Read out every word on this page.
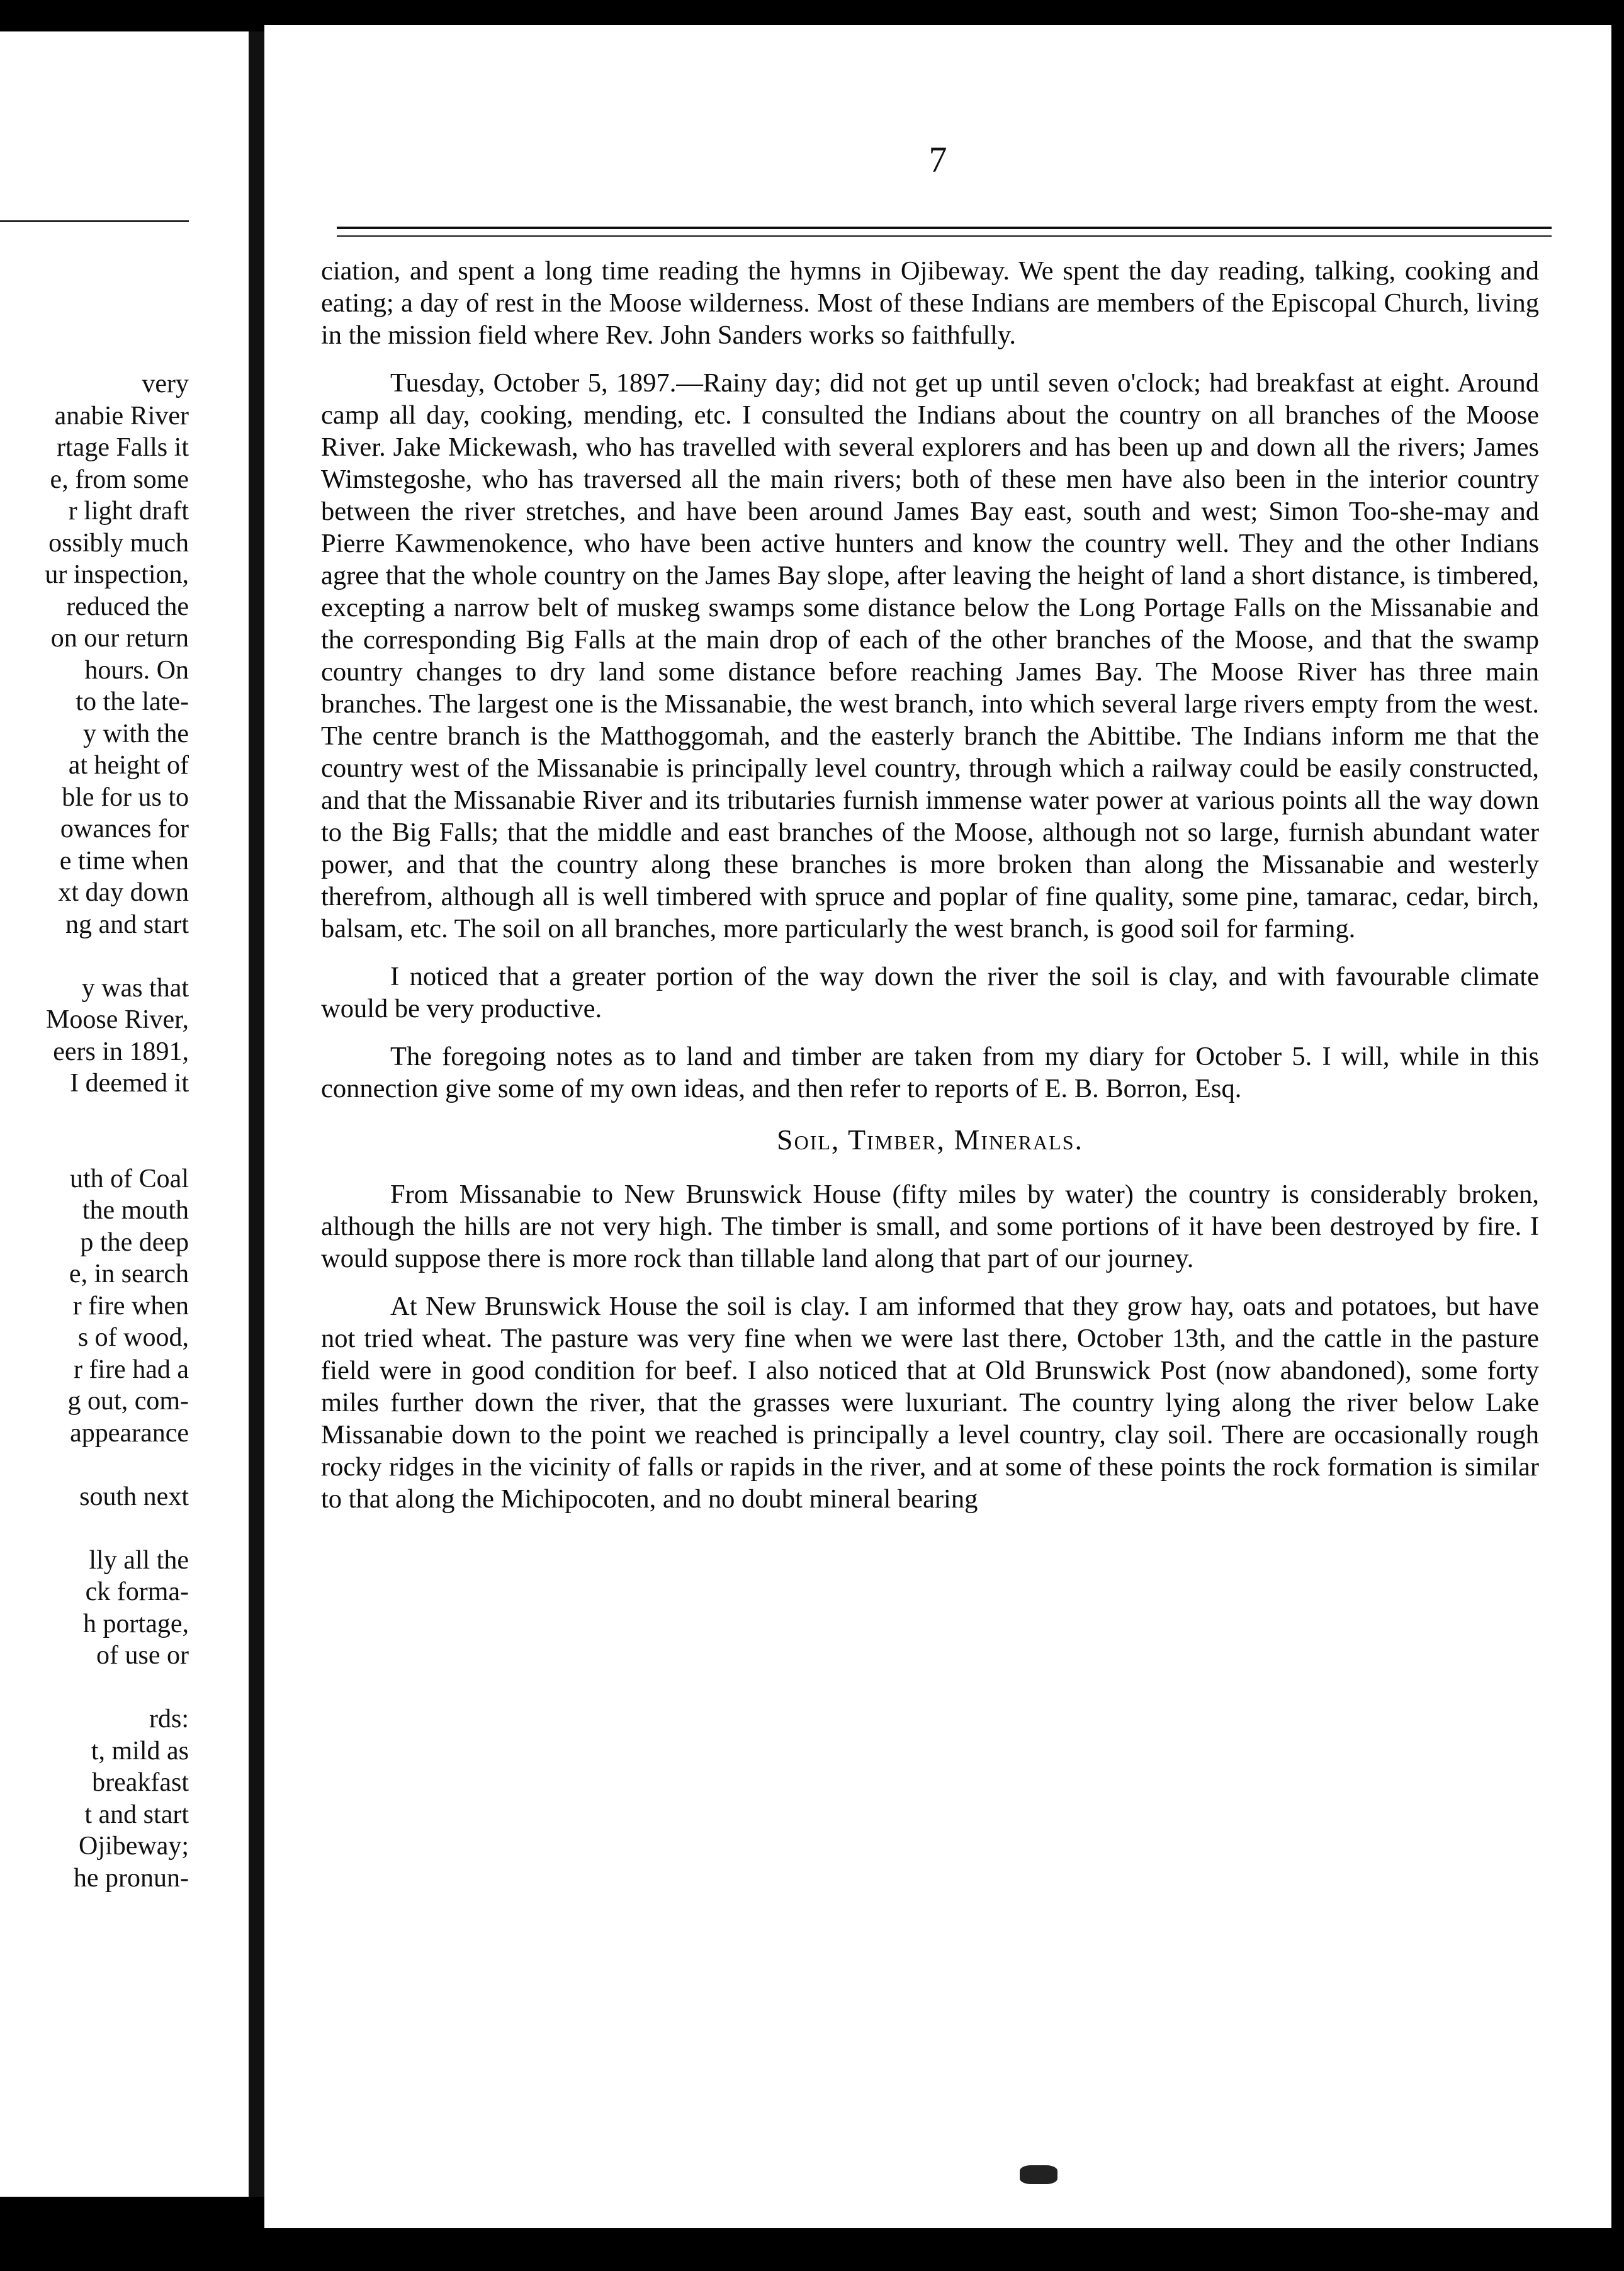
very
anabie River
rtage Falls it
e, from some
r light draft
ossibly much
ur inspection,
reduced the
on our return
hours. On
to the late-
y with the
at height of
ble for us to
owances for
e time when
xt day down
ng and start
y was that
Moose River,
eers in 1891,
I deemed it
uth of Coal
the mouth
p the deep
e, in search
r fire when
s of wood,
r fire had a
g out, com-
appearance
south next
lly all the
ck forma-
h portage,
of use or
rds:
t, mild as
breakfast
t and start
Ojibeway;
he pronun-
7

ciation, and spent a long time reading the hymns in Ojibeway. We spent the day reading, talking, cooking and eating; a day of rest in the Moose wilderness. Most of these Indians are members of the Episcopal Church, living in the mission field where Rev. John Sanders works so faithfully.

Tuesday, October 5, 1897.—Rainy day; did not get up until seven o'clock; had breakfast at eight. Around camp all day, cooking, mending, etc. I consulted the Indians about the country on all branches of the Moose River. Jake Mickewash, who has travelled with several explorers and has been up and down all the rivers; James Wimstegoshe, who has traversed all the main rivers; both of these men have also been in the interior country between the river stretches, and have been around James Bay east, south and west; Simon Too-she-may and Pierre Kawmenokence, who have been active hunters and know the country well. They and the other Indians agree that the whole country on the James Bay slope, after leaving the height of land a short distance, is timbered, excepting a narrow belt of muskeg swamps some distance below the Long Portage Falls on the Missanabie and the corresponding Big Falls at the main drop of each of the other branches of the Moose, and that the swamp country changes to dry land some distance before reaching James Bay. The Moose River has three main branches. The largest one is the Missanabie, the west branch, into which several large rivers empty from the west. The centre branch is the Matthoggomah, and the easterly branch the Abittibe. The Indians inform me that the country west of the Missanabie is principally level country, through which a railway could be easily constructed, and that the Missanabie River and its tributaries furnish immense water power at various points all the way down to the Big Falls; that the middle and east branches of the Moose, although not so large, furnish abundant water power, and that the country along these branches is more broken than along the Missanabie and westerly therefrom, although all is well timbered with spruce and poplar of fine quality, some pine, tamarac, cedar, birch, balsam, etc. The soil on all branches, more particularly the west branch, is good soil for farming.

I noticed that a greater portion of the way down the river the soil is clay, and with favourable climate would be very productive.

The foregoing notes as to land and timber are taken from my diary for October 5. I will, while in this connection give some of my own ideas, and then refer to reports of E. B. Borron, Esq.

Soil, Timber, Minerals.

From Missanabie to New Brunswick House (fifty miles by water) the country is considerably broken, although the hills are not very high. The timber is small, and some portions of it have been destroyed by fire. I would suppose there is more rock than tillable land along that part of our journey.

At New Brunswick House the soil is clay. I am informed that they grow hay, oats and potatoes, but have not tried wheat. The pasture was very fine when we were last there, October 13th, and the cattle in the pasture field were in good condition for beef. I also noticed that at Old Brunswick Post (now abandoned), some forty miles further down the river, that the grasses were luxuriant. The country lying along the river below Lake Missanabie down to the point we reached is principally a level country, clay soil. There are occasionally rough rocky ridges in the vicinity of falls or rapids in the river, and at some of these points the rock formation is similar to that along the Michipocoten, and no doubt mineral bearing
